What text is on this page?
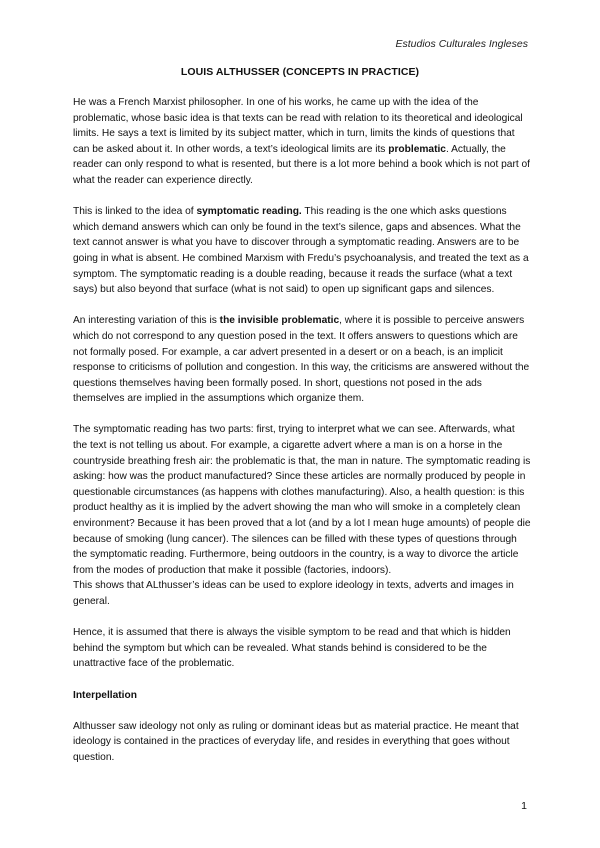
Estudios Culturales Ingleses
LOUIS ALTHUSSER (CONCEPTS IN PRACTICE)

He was a French Marxist philosopher. In one of his works, he came up with the idea of the problematic, whose basic idea is that texts can be read with relation to its theoretical and ideological limits. He says a text is limited by its subject matter, which in turn, limits the kinds of questions that can be asked about it. In other words, a text’s ideological limits are its problematic. Actually, the reader can only respond to what is resented, but there is a lot more behind a book which is not part of what the reader can experience directly.

This is linked to the idea of symptomatic reading. This reading is the one which asks questions which demand answers which can only be found in the text’s silence, gaps and absences. What the text cannot answer is what you have to discover through a symptomatic reading. Answers are to be going in what is absent. He combined Marxism with Fredu’s psychoanalysis, and treated the text as a symptom. The symptomatic reading is a double reading, because it reads the surface (what a text says) but also beyond that surface (what is not said) to open up significant gaps and silences.

An interesting variation of this is the invisible problematic, where it is possible to perceive answers which do not correspond to any question posed in the text. It offers answers to questions which are not formally posed. For example, a car advert presented in a desert or on a beach, is an implicit response to criticisms of pollution and congestion. In this way, the criticisms are answered without the questions themselves having been formally posed. In short, questions not posed in the ads themselves are implied in the assumptions which organize them.

The symptomatic reading has two parts: first, trying to interpret what we can see. Afterwards, what the text is not telling us about. For example, a cigarette advert where a man is on a horse in the countryside breathing fresh air: the problematic is that, the man in nature. The symptomatic reading is asking: how was the product manufactured? Since these articles are normally produced by people in questionable circumstances (as happens with clothes manufacturing). Also, a health question: is this product healthy as it is implied by the advert showing the man who will smoke in a completely clean environment? Because it has been proved that a lot (and by a lot I mean huge amounts) of people die because of smoking (lung cancer). The silences can be filled with these types of questions through the symptomatic reading. Furthermore, being outdoors in the country, is a way to divorce the article from the modes of production that make it possible (factories, indoors).

This shows that ALthusser’s ideas can be used to explore ideology in texts, adverts and images in general.

Hence, it is assumed that there is always the visible symptom to be read and that which is hidden behind the symptom but which can be revealed. What stands behind is considered to be the unattractive face of the problematic.

Interpellation

Althusser saw ideology not only as ruling or dominant ideas but as material practice. He meant that ideology is contained in the practices of everyday life, and resides in everything that goes without question.

1
